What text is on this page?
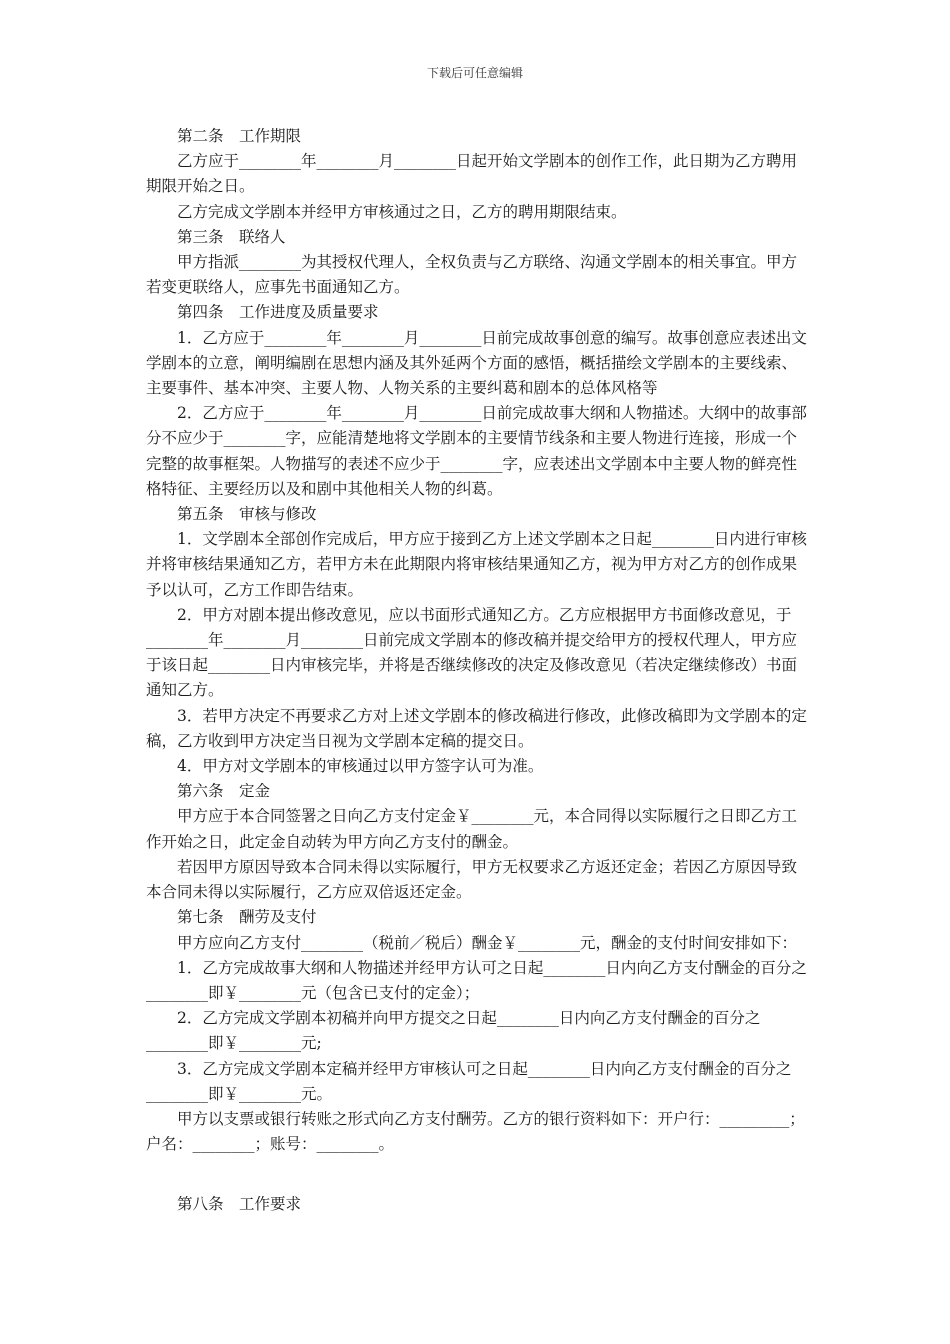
下载后可任意编辑

第二条　工作期限

乙方应于________年________月________日起开始文学剧本的创作工作，此日期为乙方聘用期限开始之日。

乙方完成文学剧本并经甲方审核通过之日，乙方的聘用期限结束。

第三条　联络人

甲方指派________为其授权代理人，全权负责与乙方联络、沟通文学剧本的相关事宜。甲方若变更联络人，应事先书面通知乙方。

第四条　工作进度及质量要求

1．乙方应于________年________月________日前完成故事创意的编写。故事创意应表述出文学剧本的立意，阐明编剧在思想内涵及其外延两个方面的感悟，概括描绘文学剧本的主要线索、主要事件、基本冲突、主要人物、人物关系的主要纠葛和剧本的总体风格等

2．乙方应于________年________月________日前完成故事大纲和人物描述。大纲中的故事部分不应少于________字，应能清楚地将文学剧本的主要情节线条和主要人物进行连接，形成一个完整的故事框架。人物描写的表述不应少于________字，应表述出文学剧本中主要人物的鲜亮性格特征、主要经历以及和剧中其他相关人物的纠葛。

第五条　审核与修改

1．文学剧本全部创作完成后，甲方应于接到乙方上述文学剧本之日起________日内进行审核并将审核结果通知乙方，若甲方未在此期限内将审核结果通知乙方，视为甲方对乙方的创作成果予以认可，乙方工作即告结束。

2．甲方对剧本提出修改意见，应以书面形式通知乙方。乙方应根据甲方书面修改意见，于________年________月________日前完成文学剧本的修改稿并提交给甲方的授权代理人，甲方应于该日起________日内审核完毕，并将是否继续修改的决定及修改意见（若决定继续修改）书面通知乙方。

3．若甲方决定不再要求乙方对上述文学剧本的修改稿进行修改，此修改稿即为文学剧本的定稿，乙方收到甲方决定当日视为文学剧本定稿的提交日。

4．甲方对文学剧本的审核通过以甲方签字认可为准。

第六条　定金

甲方应于本合同签署之日向乙方支付定金￥________元，本合同得以实际履行之日即乙方工作开始之日，此定金自动转为甲方向乙方支付的酬金。

若因甲方原因导致本合同未得以实际履行，甲方无权要求乙方返还定金；若因乙方原因导致本合同未得以实际履行，乙方应双倍返还定金。

第七条　酬劳及支付

甲方应向乙方支付________（税前／税后）酬金￥________元，酬金的支付时间安排如下：

1．乙方完成故事大纲和人物描述并经甲方认可之日起________日内向乙方支付酬金的百分之________即￥________元（包含已支付的定金）；

2．乙方完成文学剧本初稿并向甲方提交之日起________日内向乙方支付酬金的百分之________即￥________元;

3．乙方完成文学剧本定稿并经甲方审核认可之日起________日内向乙方支付酬金的百分之________即￥________元。

甲方以支票或银行转账之形式向乙方支付酬劳。乙方的银行资料如下：开户行：_________；户名：________；账号：________。

第八条　工作要求
